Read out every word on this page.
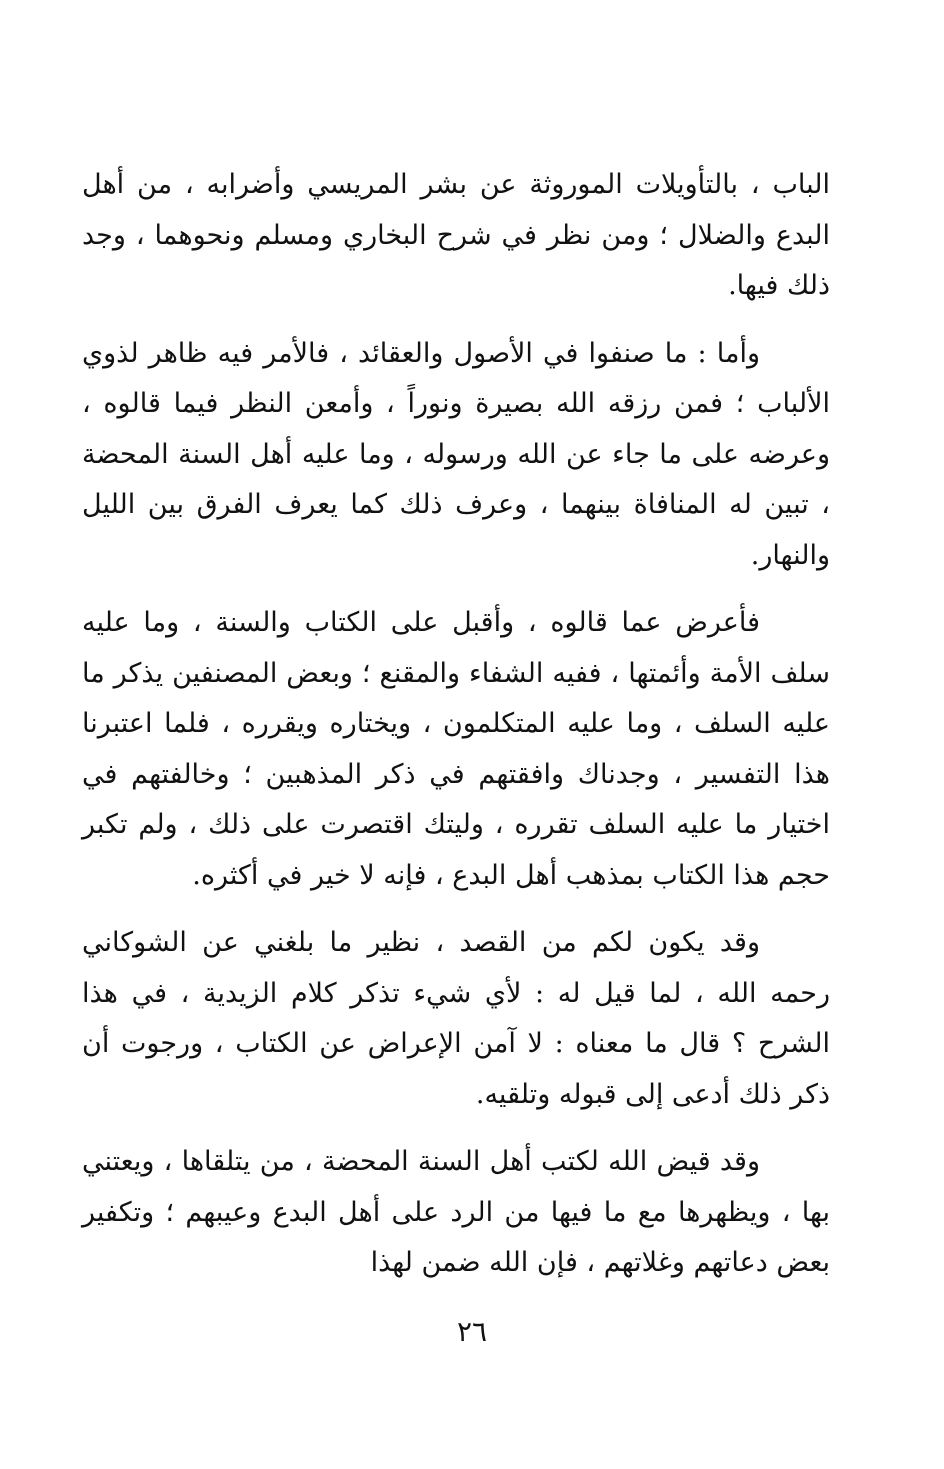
الباب ، بالتأويلات الموروثة عن بشر المريسي وأضرابه ، من أهل البدع والضلال ؛ ومن نظر في شرح البخاري ومسلم ونحوهما ، وجد ذلك فيها.

وأما : ما صنفوا في الأصول والعقائد ، فالأمر فيه ظاهر لذوي الألباب ؛ فمن رزقه الله بصيرة ونوراً ، وأمعن النظر فيما قالوه ، وعرضه على ما جاء عن الله ورسوله ، وما عليه أهل السنة المحضة ، تبين له المنافاة بينهما ، وعرف ذلك كما يعرف الفرق بين الليل والنهار.

فأعرض عما قالوه ، وأقبل على الكتاب والسنة ، وما عليه سلف الأمة وأئمتها ، ففيه الشفاء والمقنع ؛ وبعض المصنفين يذكر ما عليه السلف ، وما عليه المتكلمون ، ويختاره ويقرره ، فلما اعتبرنا هذا التفسير ، وجدناك وافقتهم في ذكر المذهبين ؛ وخالفتهم في اختيار ما عليه السلف تقرره ، وليتك اقتصرت على ذلك ، ولم تكبر حجم هذا الكتاب بمذهب أهل البدع ، فإنه لا خير في أكثره.

وقد يكون لكم من القصد ، نظير ما بلغني عن الشوكاني رحمه الله ، لما قيل له : لأي شيء تذكر كلام الزيدية ، في هذا الشرح ؟ قال ما معناه : لا آمن الإعراض عن الكتاب ، ورجوت أن ذكر ذلك أدعى إلى قبوله وتلقيه.

وقد قيض الله لكتب أهل السنة المحضة ، من يتلقاها ، ويعتني بها ، ويظهرها مع ما فيها من الرد على أهل البدع وعيبهم ؛ وتكفير بعض دعاتهم وغلاتهم ، فإن الله ضمن لهذا

٢٦
